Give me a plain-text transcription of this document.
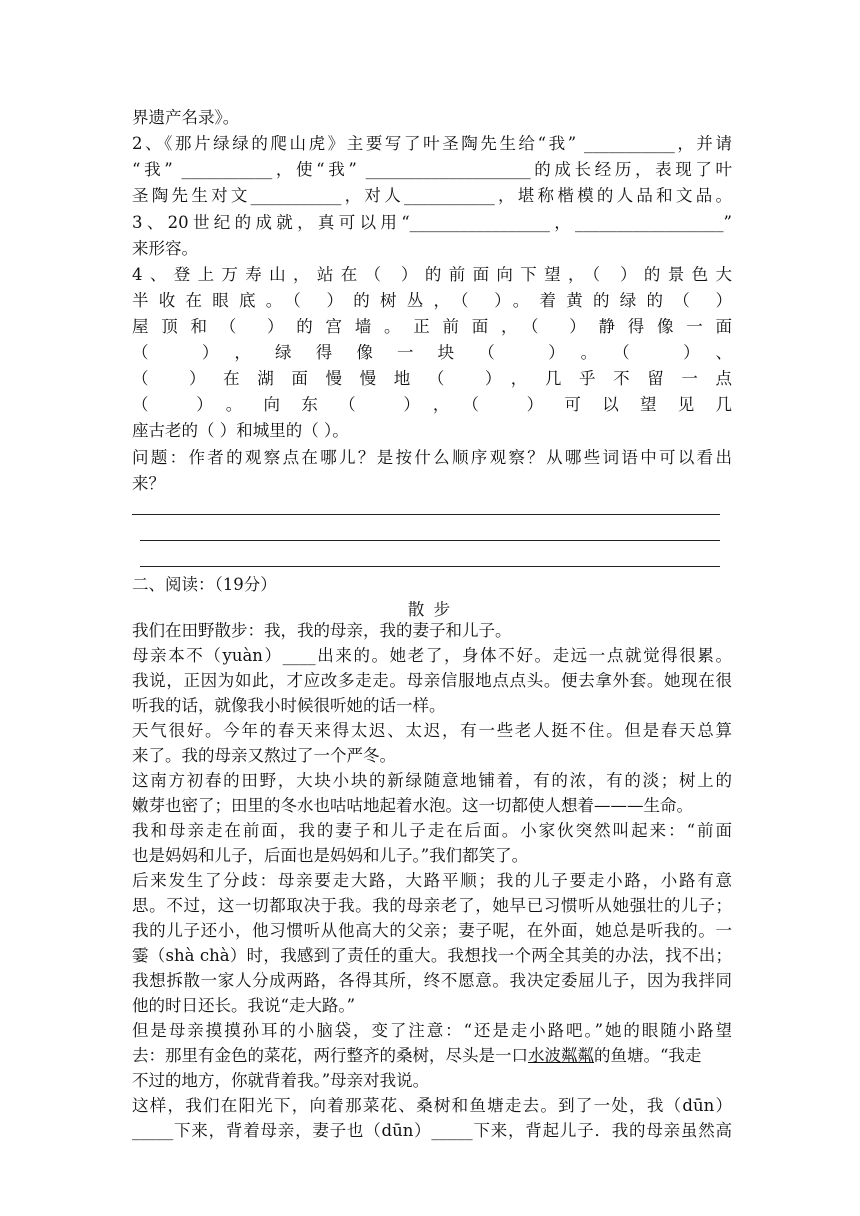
界遗产名录》。
2、《那片绿绿的爬山虎》主要写了叶圣陶先生给“我” ___________，并请
“我” ___________，使“我” ____________________的成长经历，表现了叶
圣陶先生对文___________，对人___________，堪称楷模的人品和文品。
3、20世纪的成就，真可以用“_________________，__________________”
来形容。
4、登上万寿山，站在（ ）的前面向下望，（ ）的景色大
半收在眼底。（ ）的树丛，（ ）。着黄的绿的（ ）
屋顶和（ ）的宫墙。正前面，（ ）静得像一面
（ ），绿得像一块（ ）。（ ）、
（ ）在湖面慢慢地（ ），几乎不留一点
（ ）。向东（ ），（ ）可以望见几
座古老的（ ）和城里的（ ）。
问题：作者的观察点在哪儿？是按什么顺序观察？从哪些词语中可以看出
来？
二、阅读：（19分）
散 步
我们在田野散步：我，我的母亲，我的妻子和儿子。
母亲本不（yuàn）____出来的。她老了，身体不好。走远一点就觉得很累。
我说，正因为如此，才应改多走走。母亲信服地点点头。便去拿外套。她现在很
听我的话，就像我小时候很听她的话一样。
天气很好。今年的春天来得太迟、太迟，有一些老人挺不住。但是春天总算
来了。我的母亲又熬过了一个严冬。
这南方初春的田野，大块小块的新绿随意地铺着，有的浓，有的淡；树上的
嫩芽也密了；田里的冬水也咕咕地起着水泡。这一切都使人想着———生命。
我和母亲走在前面，我的妻子和儿子走在后面。小家伙突然叫起来：“前面
也是妈妈和儿子，后面也是妈妈和儿子。”我们都笑了。
后来发生了分歧：母亲要走大路，大路平顺；我的儿子要走小路，小路有意
思。不过，这一切都取决于我。我的母亲老了，她早已习惯听从她强壮的儿子；
我的儿子还小，他习惯听从他高大的父亲；妻子呢，在外面，她总是听我的。一
霎（shà chà）时，我感到了责任的重大。我想找一个两全其美的办法，找不出；
我想拆散一家人分成两路，各得其所，终不愿意。我决定委屈儿子，因为我拌同
他的时日还长。我说“走大路。”
但是母亲摸摸孙耳的小脑袋，变了注意：“还是走小路吧。”她的眼随小路望
去：那里有金色的菜花，两行整齐的桑树，尽头是一口水波粼粼的鱼塘。“我走
不过的地方，你就背着我。”母亲对我说。
这样，我们在阳光下，向着那菜花、桑树和鱼塘走去。到了一处，我（dūn）
_____下来，背着母亲，妻子也（dūn）_____下来，背起儿子．我的母亲虽然高
